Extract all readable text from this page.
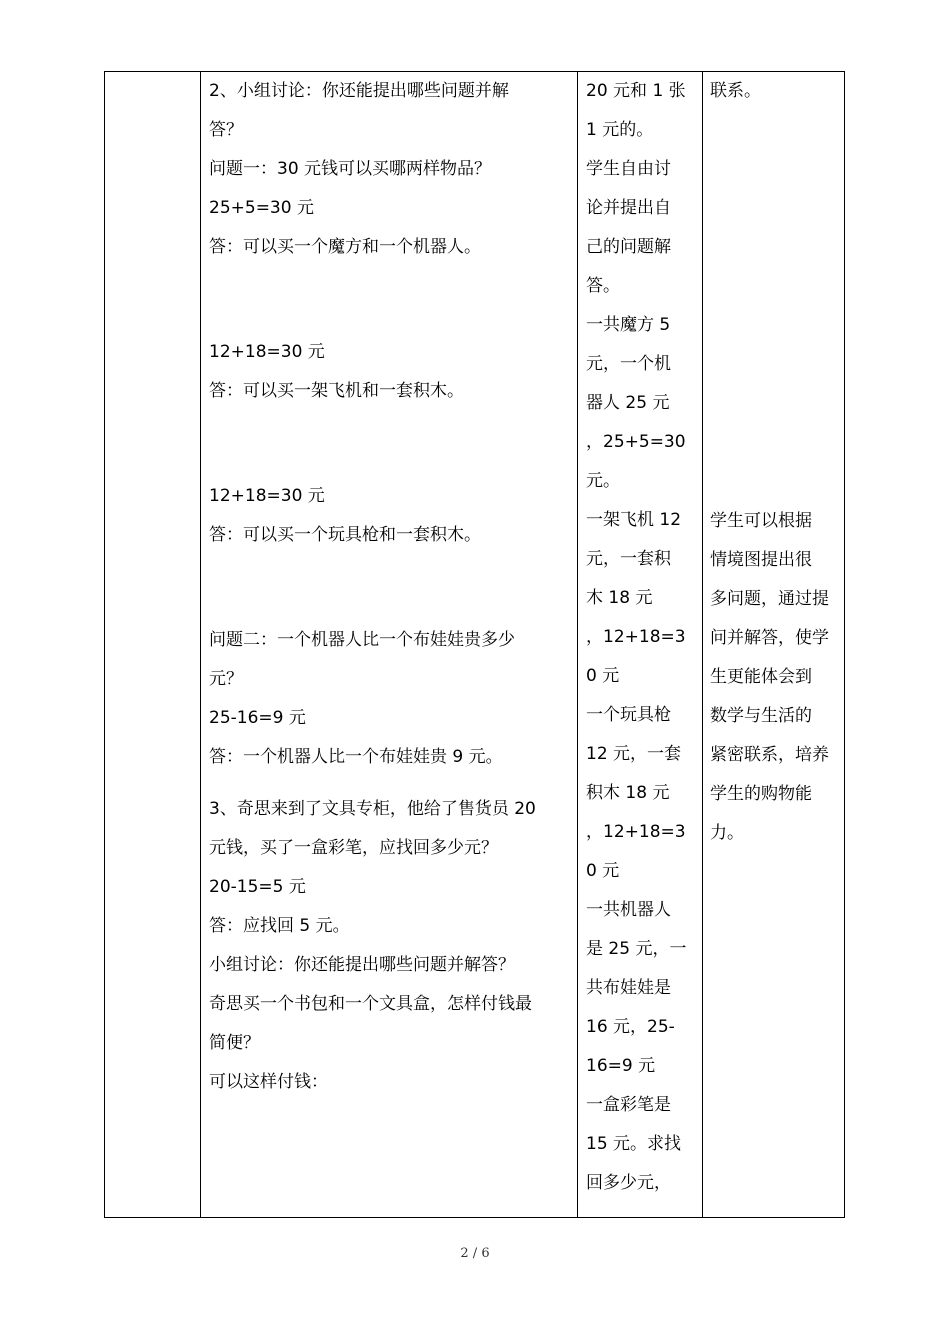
2、小组讨论：你还能提出哪些问题并解
答？
问题一：30 元钱可以买哪两样物品？
25+5=30 元
答：可以买一个魔方和一个机器人。
12+18=30 元
答：可以买一架飞机和一套积木。
12+18=30 元
答：可以买一个玩具枪和一套积木。
问题二：一个机器人比一个布娃娃贵多少
元？
25-16=9 元
答：一个机器人比一个布娃娃贵 9 元。
3、奇思来到了文具专柜，他给了售货员 20
元钱，买了一盒彩笔，应找回多少元？
20-15=5 元
答：应找回 5 元。
小组讨论：你还能提出哪些问题并解答？
奇思买一个书包和一个文具盒，怎样付钱最
简便？
可以这样付钱：
20 元和 1 张
1 元的。
学生自由讨
论并提出自
己的问题解
答。
一共魔方 5
元，一个机
器人 25 元
，25+5=30
元。
一架飞机 12
元，一套积
木 18 元
，12+18=3
0 元
一个玩具枪
12 元，一套
积木 18 元
，12+18=3
0 元
一共机器人
是 25 元，一
共布娃娃是
16 元，25-
16=9 元
一盒彩笔是
15 元。求找
回多少元，
联系。
学生可以根据
情境图提出很
多问题，通过提
问并解答，使学
生更能体会到
数学与生活的
紧密联系，培养
学生的购物能
力。
2 / 6
